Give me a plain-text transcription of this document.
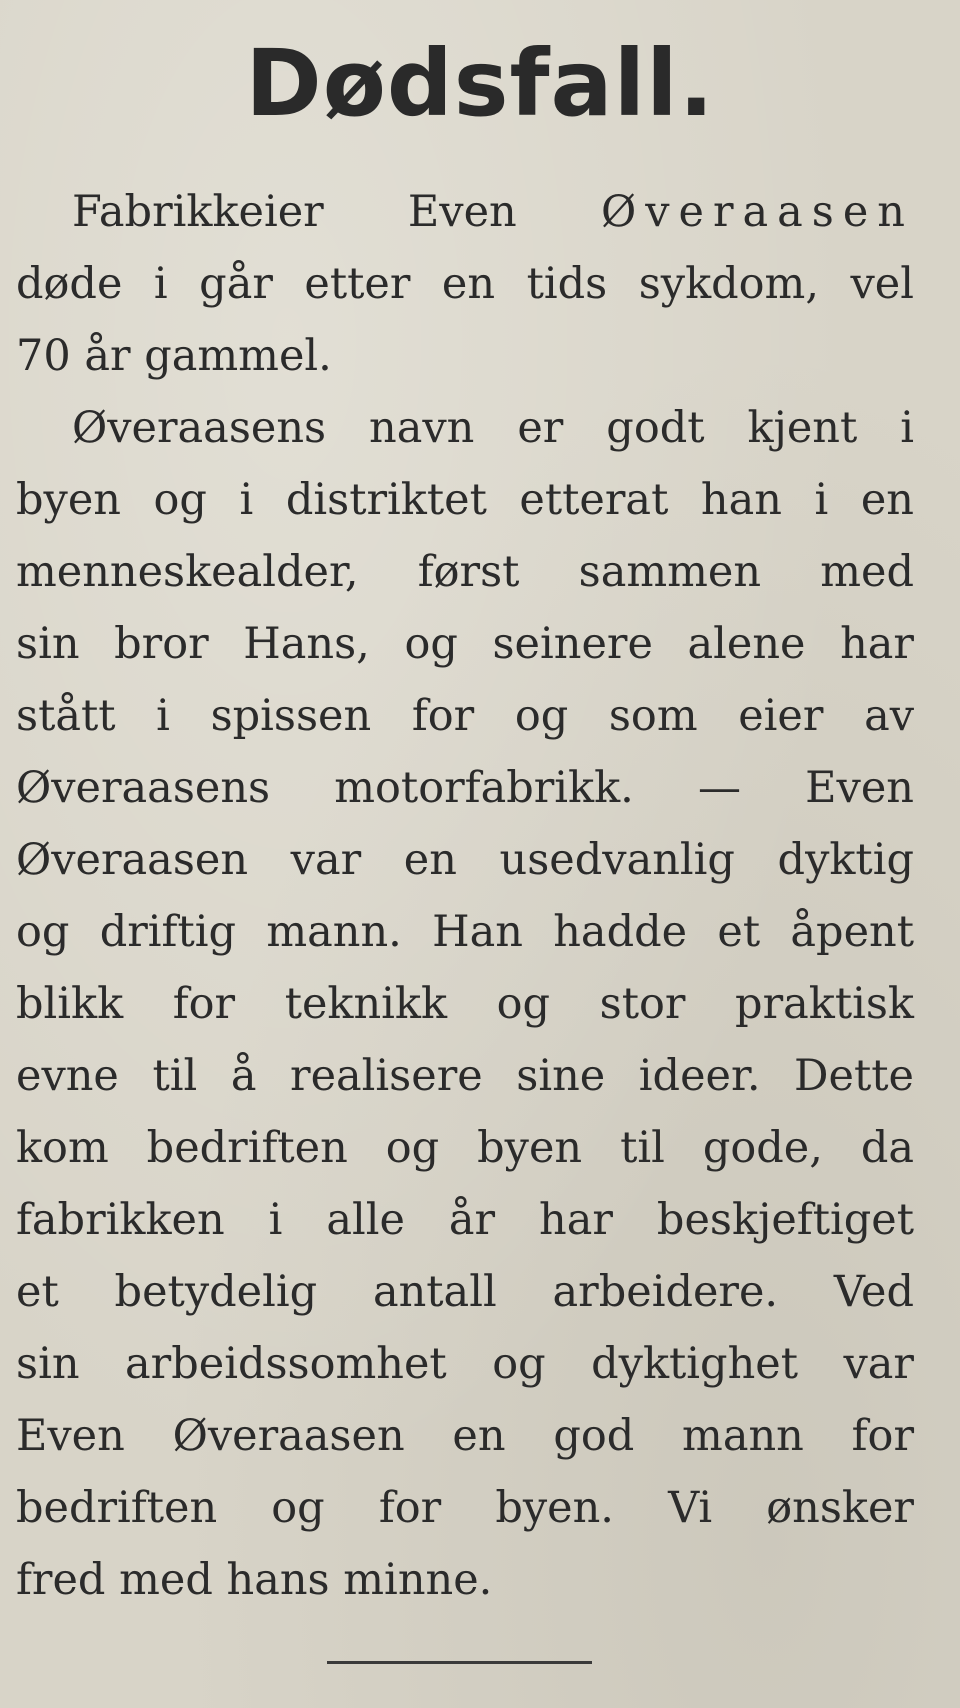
Dødsfall.
Fabrikkeier Even Øveraasen
døde i går etter en tids sykdom, vel
70 år gammel.
Øveraasens navn er godt kjent i
byen og i distriktet etterat han i en
menneskealder, først sammen med
sin bror Hans, og seinere alene har
stått i spissen for og som eier av
Øveraasens motorfabrikk. — Even
Øveraasen var en usedvanlig dyktig
og driftig mann. Han hadde et åpent
blikk for teknikk og stor praktisk
evne til å realisere sine ideer. Dette
kom bedriften og byen til gode, da
fabrikken i alle år har beskjeftiget
et betydelig antall arbeidere. Ved
sin arbeidssomhet og dyktighet var
Even Øveraasen en god mann for
bedriften og for byen. Vi ønsker
fred med hans minne.
